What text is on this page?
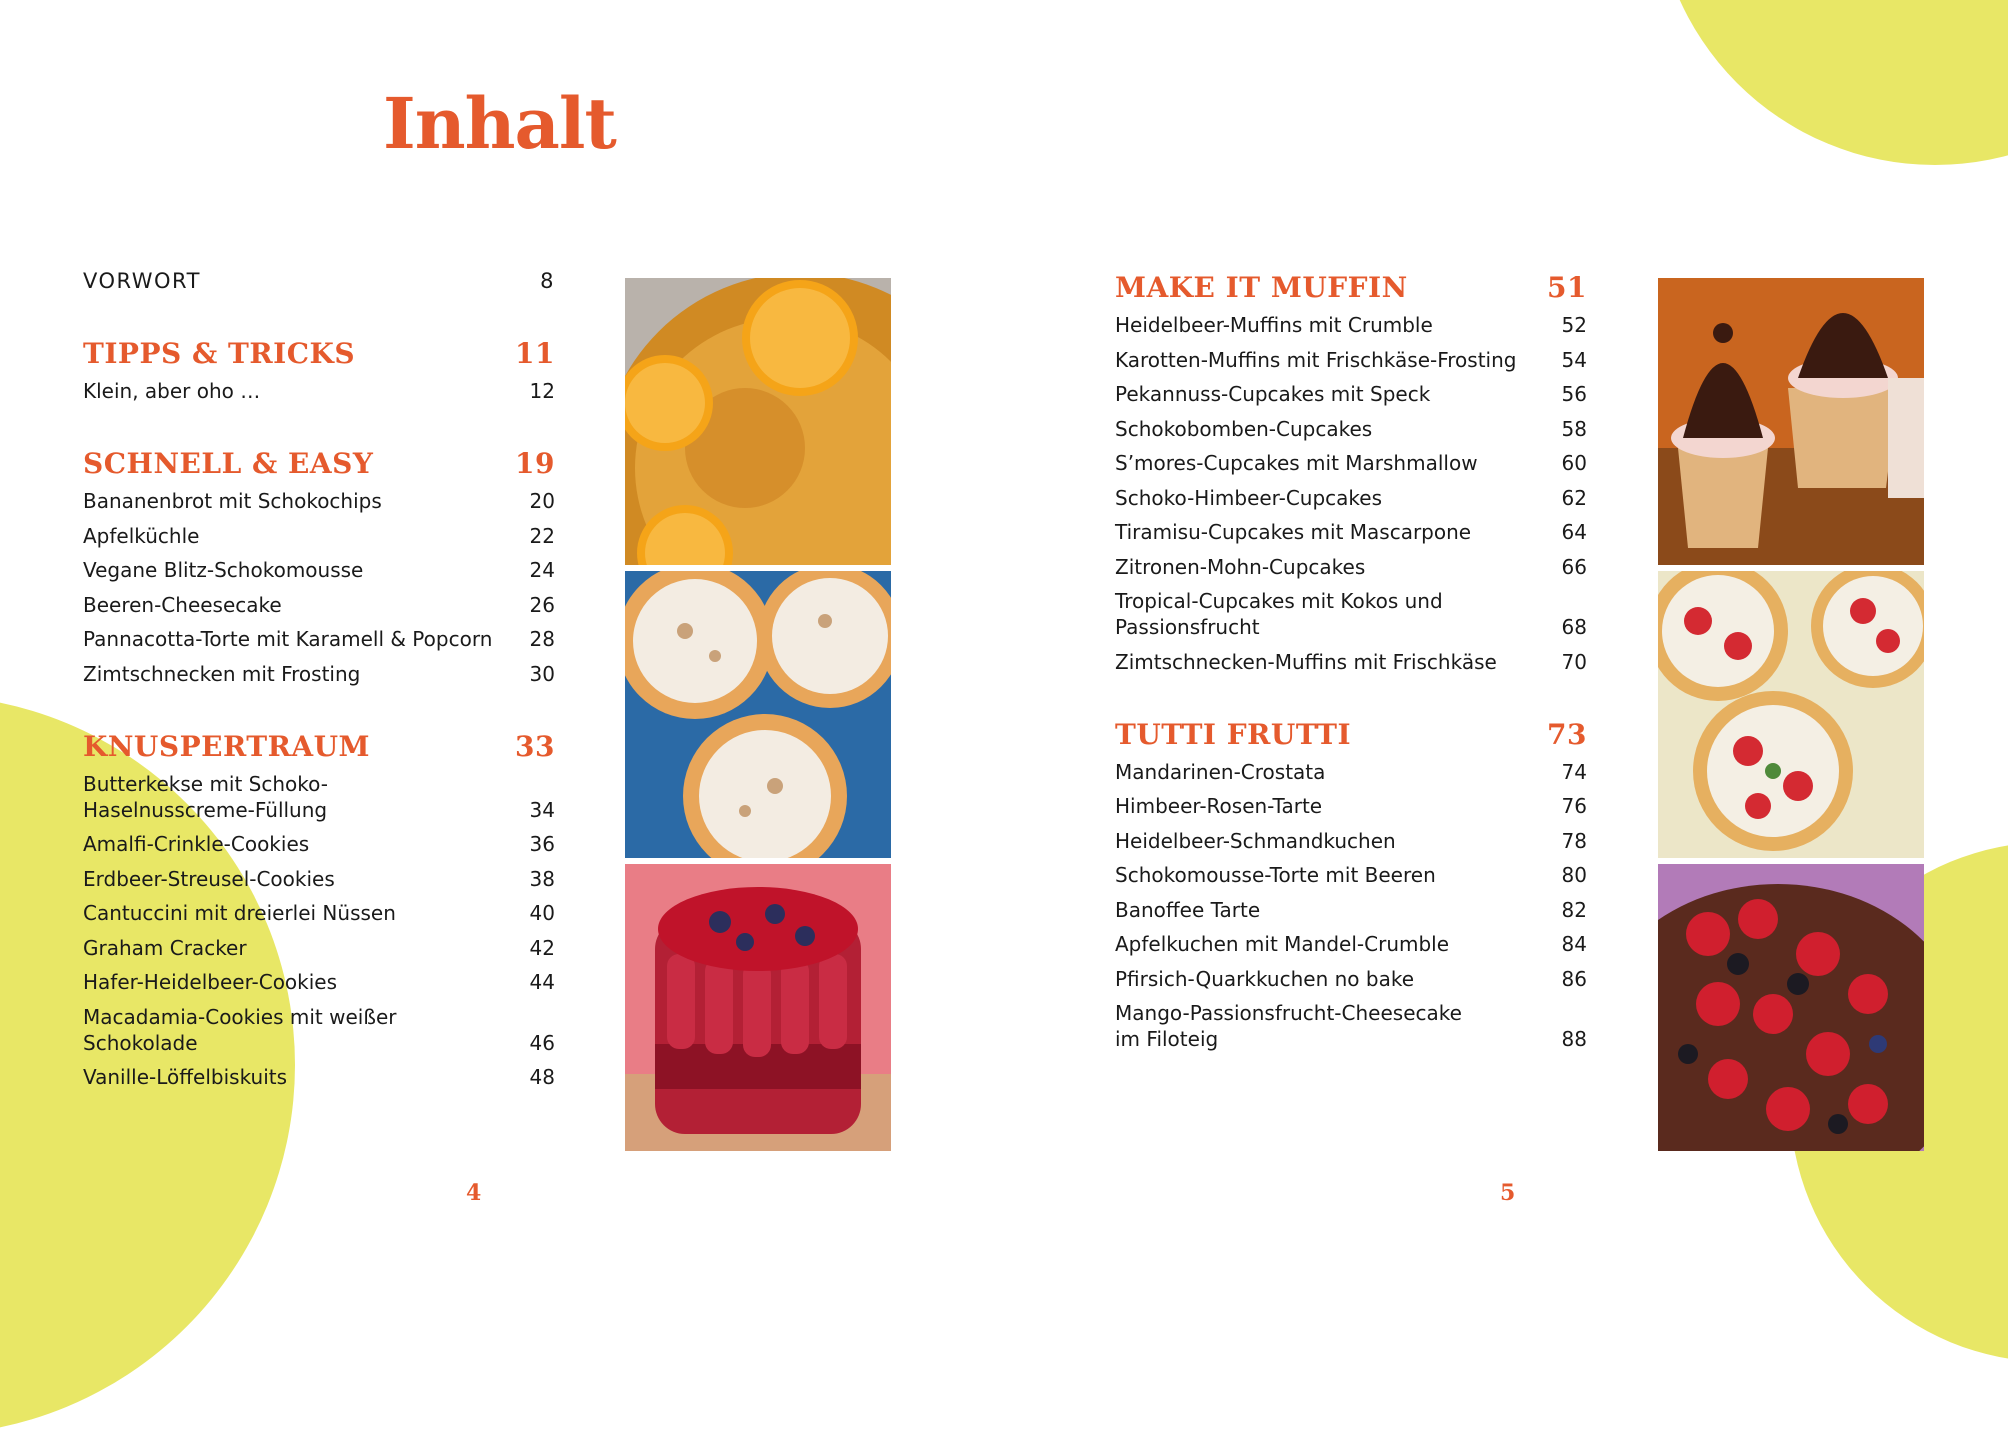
Inhalt
VORWORT	8
TIPPS & TRICKS	11
Klein, aber oho …	12
SCHNELL & EASY	19
Bananenbrot mit Schokochips	20
Apfelküchle	22
Vegane Blitz-Schokomousse	24
Beeren-Cheesecake	26
Pannacotta-Torte mit Karamell & Popcorn	28
Zimtschnecken mit Frosting	30
KNUSPERTRAUM	33
Butterkekse mit Schoko-
Haselnusscreme-Füllung	34
Amalfi-Crinkle-Cookies	36
Erdbeer-Streusel-Cookies	38
Cantuccini mit dreierlei Nüssen	40
Graham Cracker	42
Hafer-Heidelbeer-Cookies	44
Macadamia-Cookies mit weißer Schokolade	46
Vanille-Löffelbiskuits	48
4
MAKE IT MUFFIN	51
Heidelbeer-Muffins mit Crumble	52
Karotten-Muffins mit Frischkäse-Frosting	54
Pekannuss-Cupcakes mit Speck	56
Schokobomben-Cupcakes	58
S’mores-Cupcakes mit Marshmallow	60
Schoko-Himbeer-Cupcakes	62
Tiramisu-Cupcakes mit Mascarpone	64
Zitronen-Mohn-Cupcakes	66
Tropical-Cupcakes mit Kokos und
Passionsfrucht	68
Zimtschnecken-Muffins mit Frischkäse	70
TUTTI FRUTTI	73
Mandarinen-Crostata	74
Himbeer-Rosen-Tarte	76
Heidelbeer-Schmandkuchen	78
Schokomousse-Torte mit Beeren	80
Banoffee Tarte	82
Apfelkuchen mit Mandel-Crumble	84
Pfirsich-Quarkkuchen no bake	86
Mango-Passionsfrucht-Cheesecake
im Filoteig	88
5
